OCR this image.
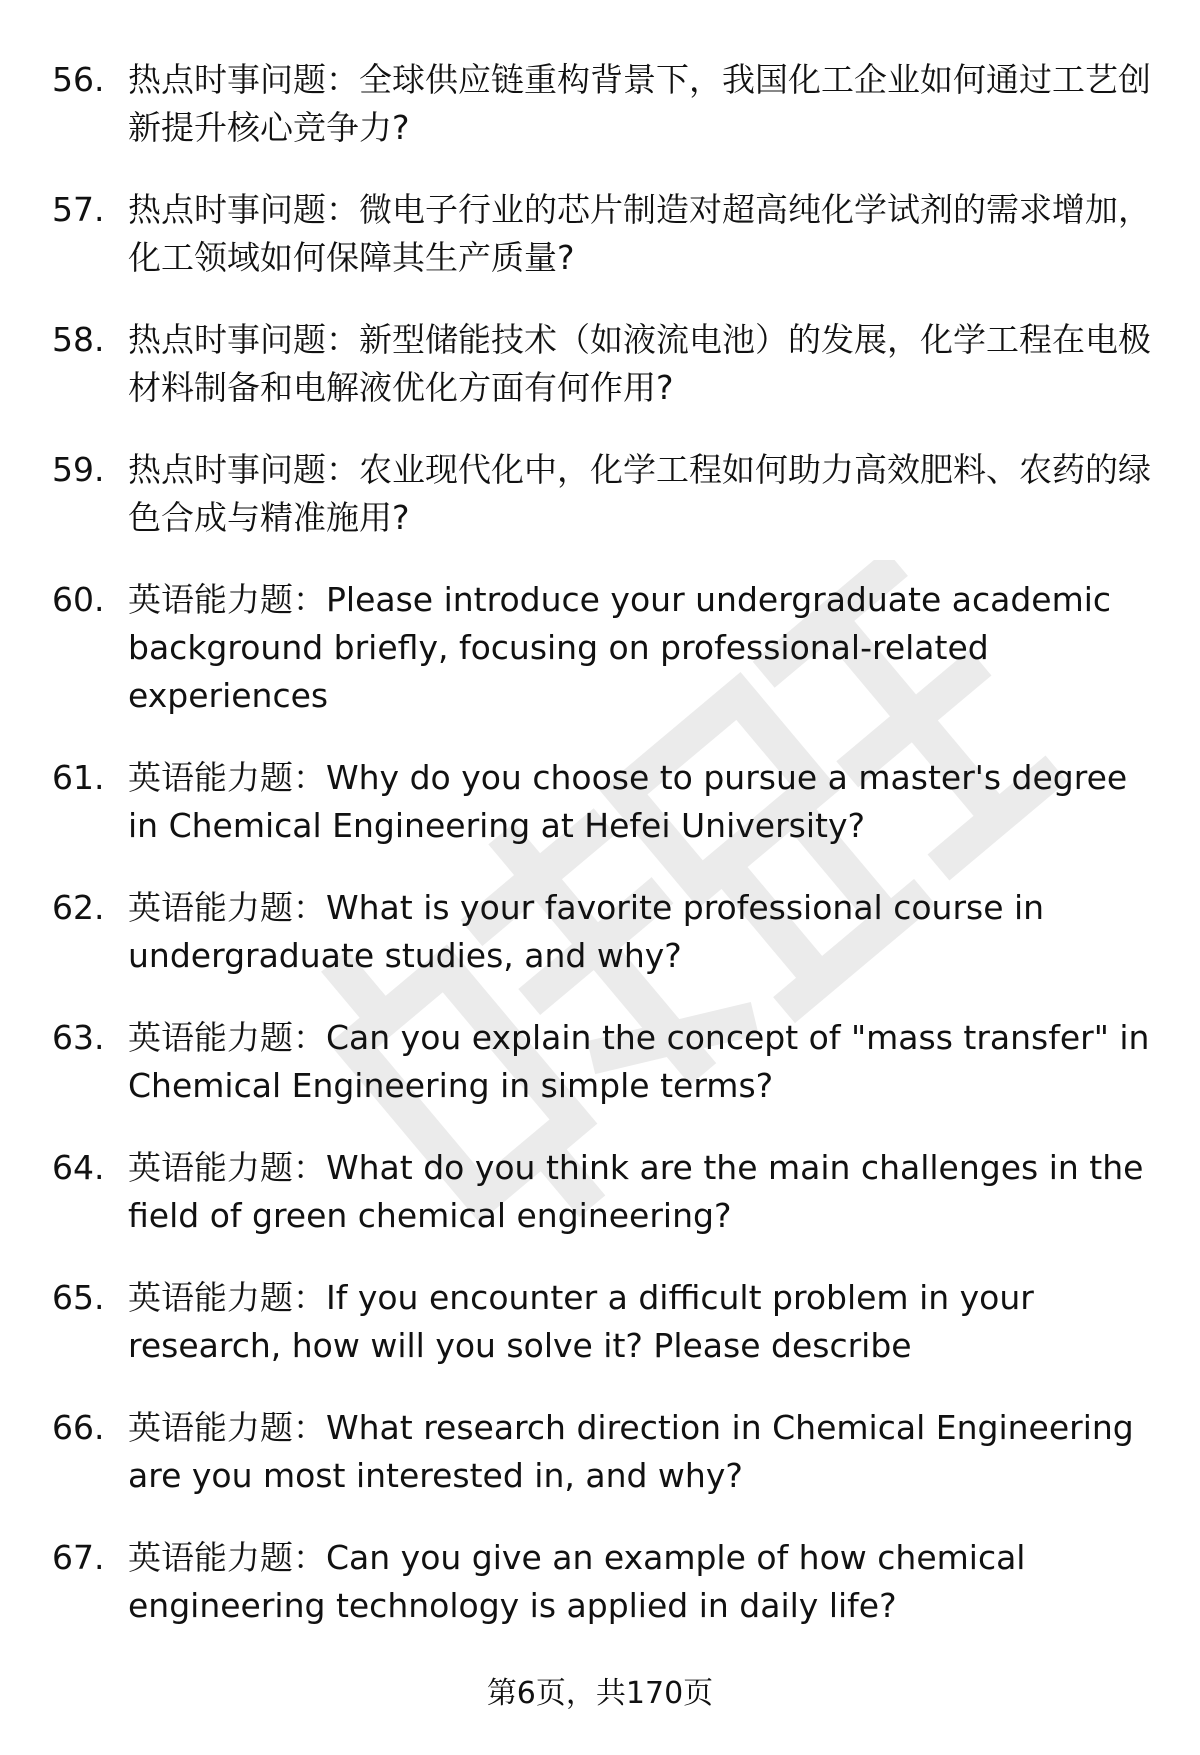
56. 热点时事问题：全球供应链重构背景下，我国化工企业如何通过工艺创新提升核心竞争力?
57. 热点时事问题：微电子行业的芯片制造对超高纯化学试剂的需求增加，化工领域如何保障其生产质量?
58. 热点时事问题：新型储能技术（如液流电池）的发展，化学工程在电极材料制备和电解液优化方面有何作用?
59. 热点时事问题：农业现代化中，化学工程如何助力高效肥料、农药的绿色合成与精准施用?
60. 英语能力题：Please introduce your undergraduate academic background briefly, focusing on professional-related experiences
61. 英语能力题：Why do you choose to pursue a master's degree in Chemical Engineering at Hefei University?
62. 英语能力题：What is your favorite professional course in undergraduate studies, and why?
63. 英语能力题：Can you explain the concept of "mass transfer" in Chemical Engineering in simple terms?
64. 英语能力题：What do you think are the main challenges in the field of green chemical engineering?
65. 英语能力题：If you encounter a difficult problem in your research, how will you solve it? Please describe
66. 英语能力题：What research direction in Chemical Engineering are you most interested in, and why?
67. 英语能力题：Can you give an example of how chemical engineering technology is applied in daily life?
第6页，共170页
